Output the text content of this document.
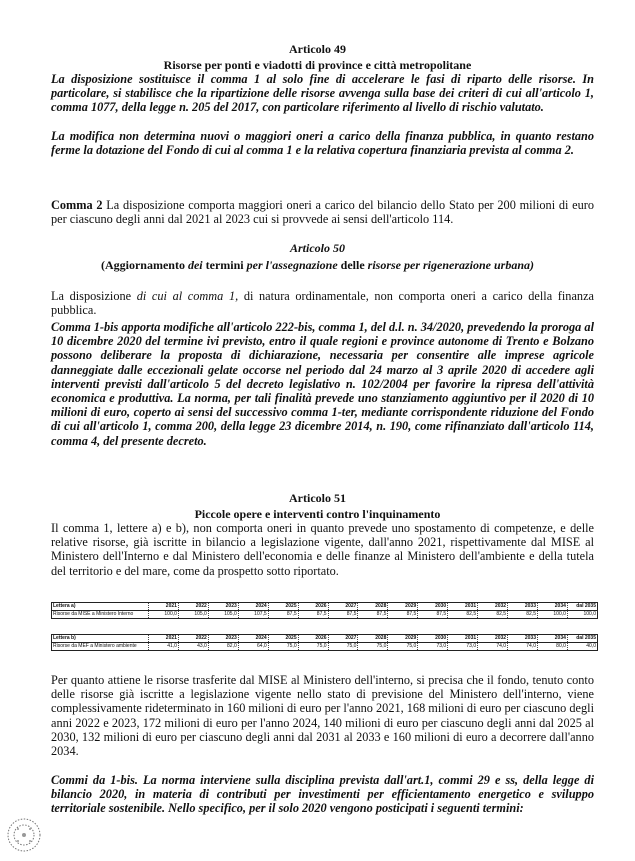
Articolo 49
Risorse per ponti e viadotti di province e città metropolitane

La disposizione sostituisce il comma 1 al solo fine di accelerare le fasi di riparto delle risorse. In particolare, si stabilisce che la ripartizione delle risorse avvenga sulla base dei criteri di cui all'articolo 1, comma 1077, della legge n. 205 del 2017, con particolare riferimento al livello di rischio valutato.

La modifica non determina nuovi o maggiori oneri a carico della finanza pubblica, in quanto restano ferme la dotazione del Fondo di cui al comma 1 e la relativa copertura finanziaria prevista al comma 2.

Comma 2 La disposizione comporta maggiori oneri a carico del bilancio dello Stato per 200 milioni di euro per ciascuno degli anni dal 2021 al 2023 cui si provvede ai sensi dell'articolo 114.

Articolo 50
(Aggiornamento dei termini per l'assegnazione delle risorse per rigenerazione urbana)

La disposizione di cui al comma 1, di natura ordinamentale, non comporta oneri a carico della finanza pubblica.

Comma 1-bis apporta modifiche all'articolo 222-bis, comma 1, del d.l. n. 34/2020, prevedendo la proroga al 10 dicembre 2020 del termine ivi previsto, entro il quale regioni e province autonome di Trento e Bolzano possono deliberare la proposta di dichiarazione, necessaria per consentire alle imprese agricole danneggiate dalle eccezionali gelate occorse nel periodo dal 24 marzo al 3 aprile 2020 di accedere agli interventi previsti dall'articolo 5 del decreto legislativo n. 102/2004 per favorire la ripresa dell'attività economica e produttiva. La norma, per tali finalità prevede uno stanziamento aggiuntivo per il 2020 di 10 milioni di euro, coperto ai sensi del successivo comma 1-ter, mediante corrispondente riduzione del Fondo di cui all'articolo 1, comma 200, della legge 23 dicembre 2014, n. 190, come rifinanziato dall'articolo 114, comma 4, del presente decreto.

Articolo 51
Piccole opere e interventi contro l'inquinamento

Il comma 1, lettere a) e b), non comporta oneri in quanto prevede uno spostamento di competenze, e delle relative risorse, già iscritte in bilancio a legislazione vigente, dall'anno 2021, rispettivamente dal MISE al Ministero dell'Interno e dal Ministero dell'economia e delle finanze al Ministero dell'ambiente e della tutela del territorio e del mare, come da prospetto sotto riportato.

Lettera a)	2021	2022	2023	2024	2025	2026	2027	2028	2029	2030	2031	2032	2033	2034	dal 2035
Risorse da MISE a Ministero Interno	100,0	105,0	105,0	107,5	87,5	87,5	87,5	87,5	87,5	87,5	82,5	82,5	82,5	100,0	100,0
Lettera b)	2021	2022	2023	2024	2025	2026	2027	2028	2029	2030	2031	2032	2033	2034	dal 2035
Risorse da MEF a Ministero ambiente	41,0	43,0	82,0	64,0	75,0	75,0	75,0	75,0	75,0	73,0	73,0	74,0	74,0	80,0	40,0

Per quanto attiene le risorse trasferite dal MISE al Ministero dell'interno, si precisa che il fondo, tenuto conto delle risorse già iscritte a legislazione vigente nello stato di previsione del Ministero dell'interno, viene complessivamente rideterminato in 160 milioni di euro per l'anno 2021, 168 milioni di euro per ciascuno degli anni 2022 e 2023, 172 milioni di euro per l'anno 2024, 140 milioni di euro per ciascuno degli anni dal 2025 al 2030, 132 milioni di euro per ciascuno degli anni dal 2031 al 2033 e 160 milioni di euro a decorrere dall'anno 2034.

Commi da 1-bis. La norma interviene sulla disciplina prevista dall'art.1, commi 29 e ss, della legge di bilancio 2020, in materia di contributi per investimenti per efficientamento energetico e sviluppo territoriale sostenibile. Nello specifico, per il solo 2020 vengono posticipati i seguenti termini:
